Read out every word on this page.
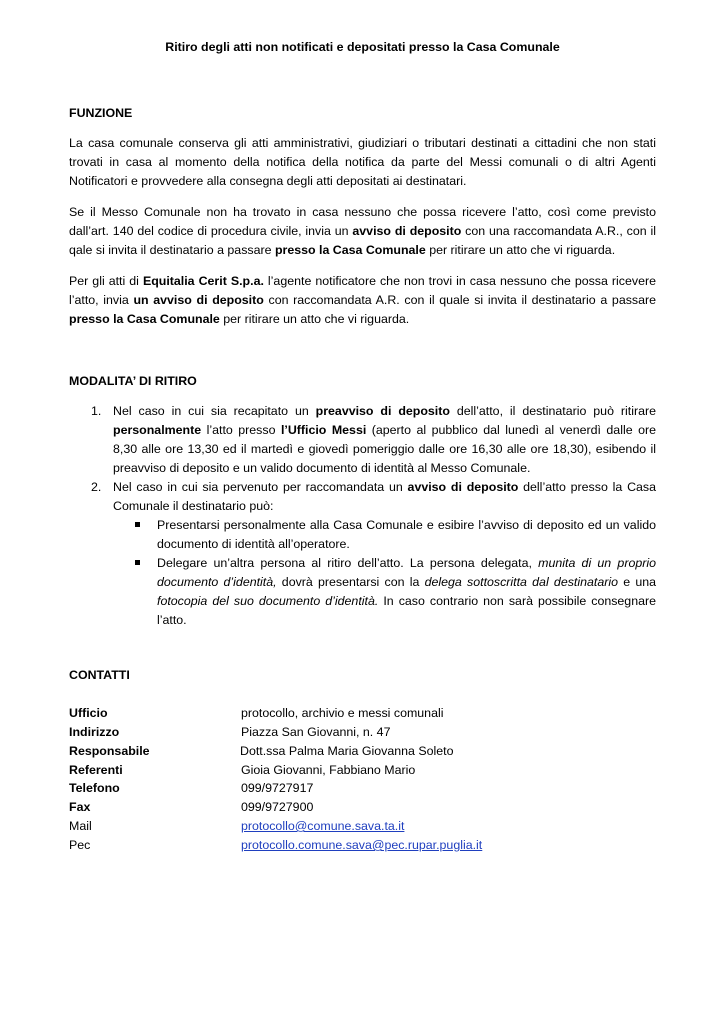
Ritiro degli atti non notificati e depositati presso la Casa Comunale
FUNZIONE

La casa comunale conserva gli atti amministrativi, giudiziari o tributari destinati a cittadini che non stati trovati in casa al momento della notifica della notifica da parte del Messi comunali o di altri Agenti Notificatori e provvedere alla consegna degli atti depositati ai destinatari.

Se il Messo Comunale non ha trovato in casa nessuno che possa ricevere l’atto, così come previsto dall’art. 140 del codice di procedura civile, invia un avviso di deposito con una raccomandata A.R., con il qale si invita il destinatario a passare presso la Casa Comunale per ritirare un atto che vi riguarda.

Per gli atti di Equitalia Cerit S.p.a. l’agente notificatore che non trovi in casa nessuno che possa ricevere l’atto, invia un avviso di deposito con raccomandata A.R. con il quale si invita il destinatario a passare presso la Casa Comunale per ritirare un atto che vi riguarda.

MODALITA’ DI RITIRO
1. Nel caso in cui sia recapitato un preavviso di deposito dell’atto, il destinatario può ritirare personalmente l’atto presso l’Ufficio Messi (aperto al pubblico dal lunedì al venerdì dalle ore 8,30 alle ore 13,30 ed il martedì e giovedì pomeriggio dalle ore 16,30 alle ore 18,30), esibendo il preavviso di deposito e un valido documento di identità al Messo Comunale.
2. Nel caso in cui sia pervenuto per raccomandata un avviso di deposito dell’atto presso la Casa Comunale il destinatario può:
Presentarsi personalmente alla Casa Comunale e esibire l’avviso di deposito ed un valido documento di identità all’operatore.
Delegare un’altra persona al ritiro dell’atto. La persona delegata, munita di un proprio documento d’identità, dovrà presentarsi con la delega sottoscritta dal destinatario e una fotocopia del suo documento d’identità. In caso contrario non sarà possibile consegnare l’atto.
CONTATTI
Ufficio	protocollo, archivio e messi comunali
Indirizzo	Piazza San Giovanni, n. 47
Responsabile	Dott.ssa Palma Maria Giovanna Soleto
Referenti	Gioia Giovanni, Fabbiano Mario
Telefono	099/9727917
Fax	099/9727900
Mail	protocollo@comune.sava.ta.it
Pec	protocollo.comune.sava@pec.rupar.puglia.it
